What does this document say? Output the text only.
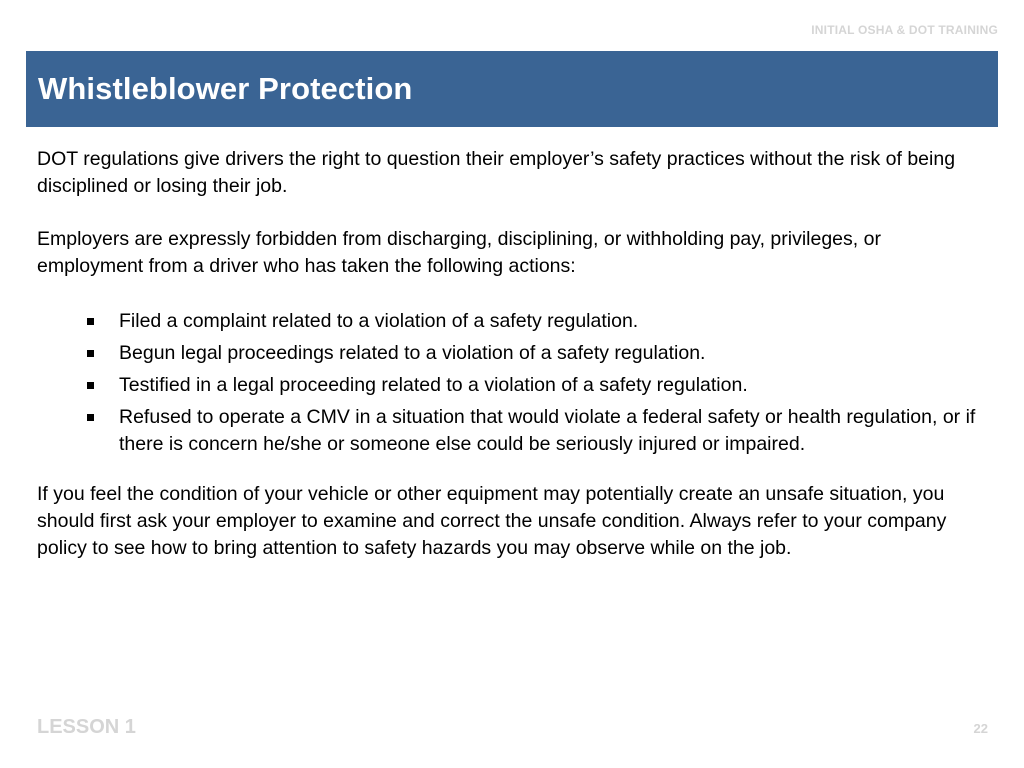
INITIAL OSHA & DOT TRAINING
Whistleblower Protection

DOT regulations give drivers the right to question their employer’s safety practices without the risk of being disciplined or losing their job.

Employers are expressly forbidden from discharging, disciplining, or withholding pay, privileges, or employment from a driver who has taken the following actions:

Filed a complaint related to a violation of a safety regulation.
Begun legal proceedings related to a violation of a safety regulation.
Testified in a legal proceeding related to a violation of a safety regulation.
Refused to operate a CMV in a situation that would violate a federal safety or health regulation, or if there is concern he/she or someone else could be seriously injured or impaired.

If you feel the condition of your vehicle or other equipment may potentially create an unsafe situation, you should first ask your employer to examine and correct the unsafe condition. Always refer to your company policy to see how to bring attention to safety hazards you may observe while on the job.

LESSON 1	22
